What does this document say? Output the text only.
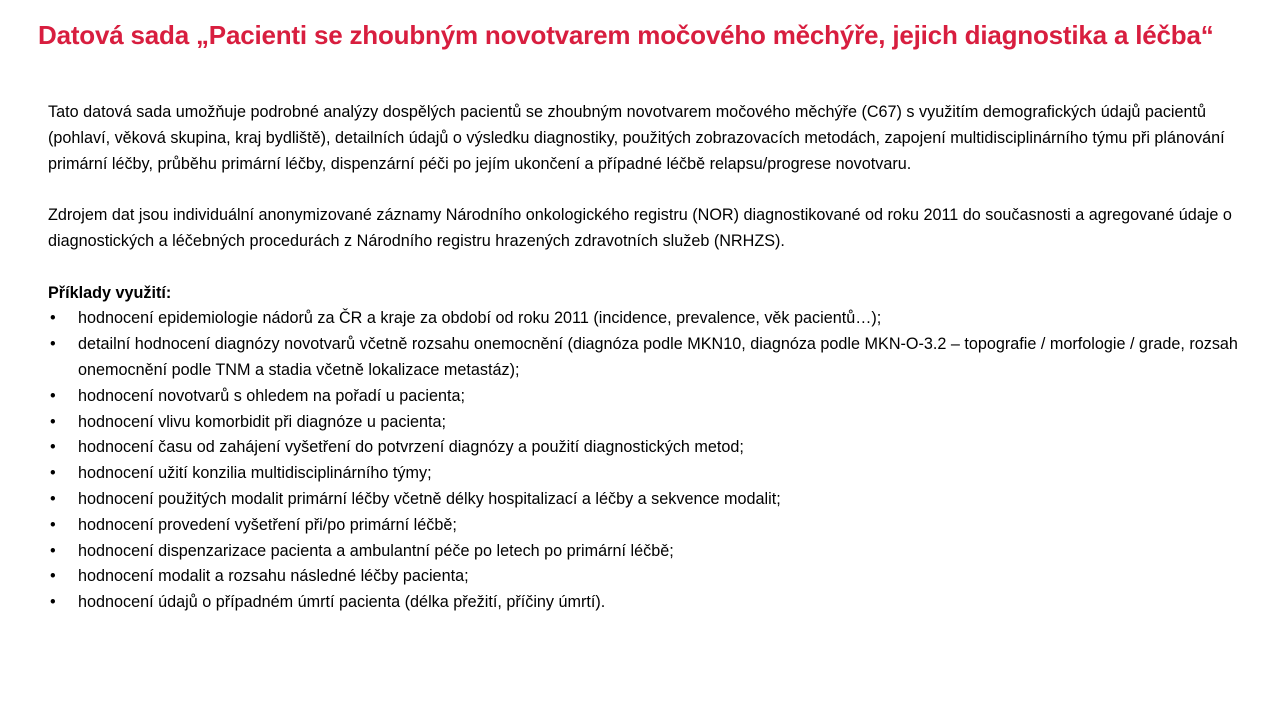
Datová sada „Pacienti se zhoubným novotvarem močového měchýře, jejich diagnostika a léčba“

Tato datová sada umožňuje podrobné analýzy dospělých pacientů se zhoubným novotvarem močového měchýře (C67) s využitím demografických údajů pacientů (pohlaví, věková skupina, kraj bydliště), detailních údajů o výsledku diagnostiky, použitých zobrazovacích metodách, zapojení multidisciplinárního týmu při plánování primární léčby, průběhu primární léčby, dispenzární péči po jejím ukončení a případné léčbě relapsu/progrese novotvaru.

Zdrojem dat jsou individuální anonymizované záznamy Národního onkologického registru (NOR) diagnostikované od roku 2011 do současnosti a agregované údaje o diagnostických a léčebných procedurách z Národního registru hrazených zdravotních služeb (NRHZS).

Příklady využití:

• hodnocení epidemiologie nádorů za ČR a kraje za období od roku 2011 (incidence, prevalence, věk pacientů…);
• detailní hodnocení diagnózy novotvarů včetně rozsahu onemocnění (diagnóza podle MKN10, diagnóza podle MKN-O-3.2 – topografie / morfologie / grade, rozsah onemocnění podle TNM a stadia včetně lokalizace metastáz);
• hodnocení novotvarů s ohledem na pořadí u pacienta;
• hodnocení vlivu komorbidit při diagnóze u pacienta;
• hodnocení času od zahájení vyšetření do potvrzení diagnózy a použití diagnostických metod;
• hodnocení užití konzilia multidisciplinárního týmy;
• hodnocení použitých modalit primární léčby včetně délky hospitalizací a léčby a sekvence modalit;
• hodnocení provedení vyšetření při/po primární léčbě;
• hodnocení dispenzarizace pacienta a ambulantní péče po letech po primární léčbě;
• hodnocení modalit a rozsahu následné léčby pacienta;
• hodnocení údajů o případném úmrtí pacienta (délka přežití, příčiny úmrtí).
